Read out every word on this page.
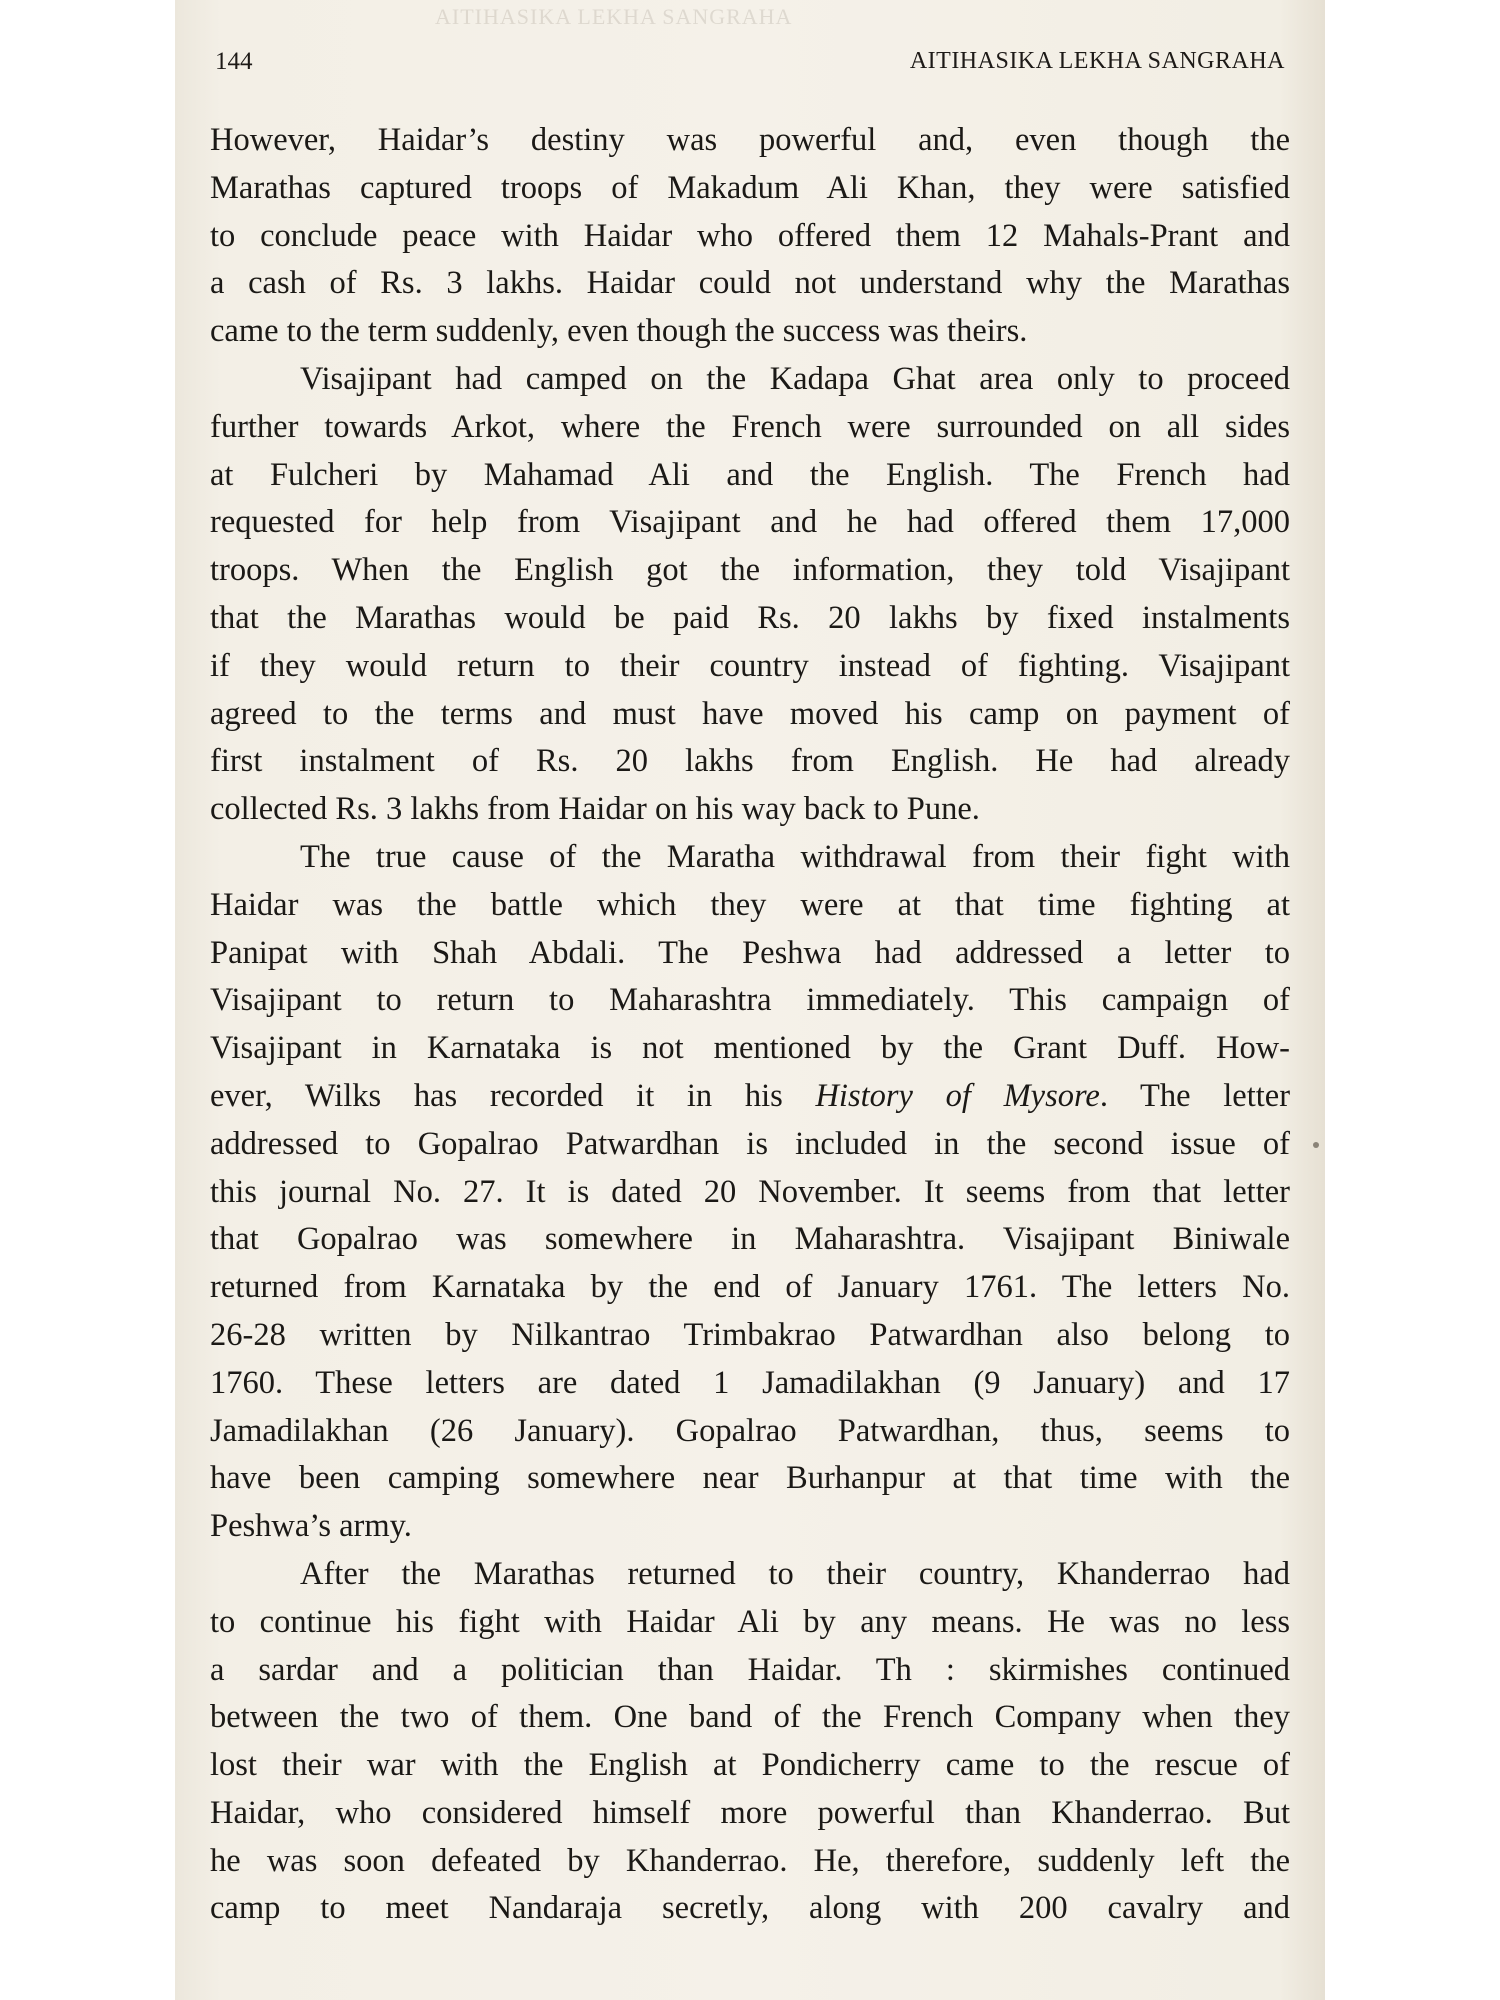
AITIHASIKA LEKHA SANGRAHA
144	AITIHASIKA LEKHA SANGRAHA
However, Haidar’s destiny was powerful and, even though the
Marathas captured troops of Makadum Ali Khan, they were satisfied
to conclude peace with Haidar who offered them 12 Mahals-Prant and
a cash of Rs. 3 lakhs. Haidar could not understand why the Marathas
came to the term suddenly, even though the success was theirs.
Visajipant had camped on the Kadapa Ghat area only to proceed
further towards Arkot, where the French were surrounded on all sides
at Fulcheri by Mahamad Ali and the English. The French had
requested for help from Visajipant and he had offered them 17,000
troops. When the English got the information, they told Visajipant
that the Marathas would be paid Rs. 20 lakhs by fixed instalments
if they would return to their country instead of fighting. Visajipant
agreed to the terms and must have moved his camp on payment of
first instalment of Rs. 20 lakhs from English. He had already
collected Rs. 3 lakhs from Haidar on his way back to Pune.
The true cause of the Maratha withdrawal from their fight with
Haidar was the battle which they were at that time fighting at
Panipat with Shah Abdali. The Peshwa had addressed a letter to
Visajipant to return to Maharashtra immediately. This campaign of
Visajipant in Karnataka is not mentioned by the Grant Duff. How-
ever, Wilks has recorded it in his History of Mysore. The letter
addressed to Gopalrao Patwardhan is included in the second issue of
this journal No. 27. It is dated 20 November. It seems from that letter
that Gopalrao was somewhere in Maharashtra. Visajipant Biniwale
returned from Karnataka by the end of January 1761. The letters No.
26-28 written by Nilkantrao Trimbakrao Patwardhan also belong to
1760. These letters are dated 1 Jamadilakhan (9 January) and 17
Jamadilakhan (26 January). Gopalrao Patwardhan, thus, seems to
have been camping somewhere near Burhanpur at that time with the
Peshwa’s army.
After the Marathas returned to their country, Khanderrao had
to continue his fight with Haidar Ali by any means. He was no less
a sardar and a politician than Haidar. Th : skirmishes continued
between the two of them. One band of the French Company when they
lost their war with the English at Pondicherry came to the rescue of
Haidar, who considered himself more powerful than Khanderrao. But
he was soon defeated by Khanderrao. He, therefore, suddenly left the
camp to meet Nandaraja secretly, along with 200 cavalry and
